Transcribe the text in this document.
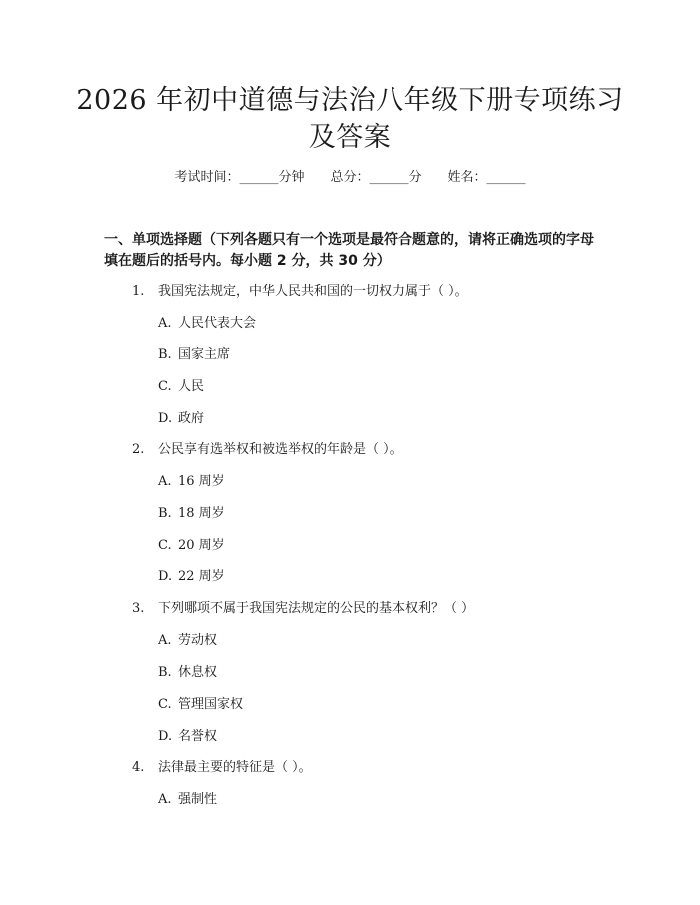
2026 年初中道德与法治八年级下册专项练习
及答案
考试时间：______分钟 总分：______分 姓名：______
一、单项选择题（下列各题只有一个选项是最符合题意的，请将正确选项的字母
填在题后的括号内。每小题 2 分，共 30 分）
1. 我国宪法规定，中华人民共和国的一切权力属于（ ）。
A. 人民代表大会
B. 国家主席
C. 人民
D. 政府
2. 公民享有选举权和被选举权的年龄是（ ）。
A. 16 周岁
B. 18 周岁
C. 20 周岁
D. 22 周岁
3. 下列哪项不属于我国宪法规定的公民的基本权利？（ ）
A. 劳动权
B. 休息权
C. 管理国家权
D. 名誉权
4. 法律最主要的特征是（ ）。
A. 强制性
